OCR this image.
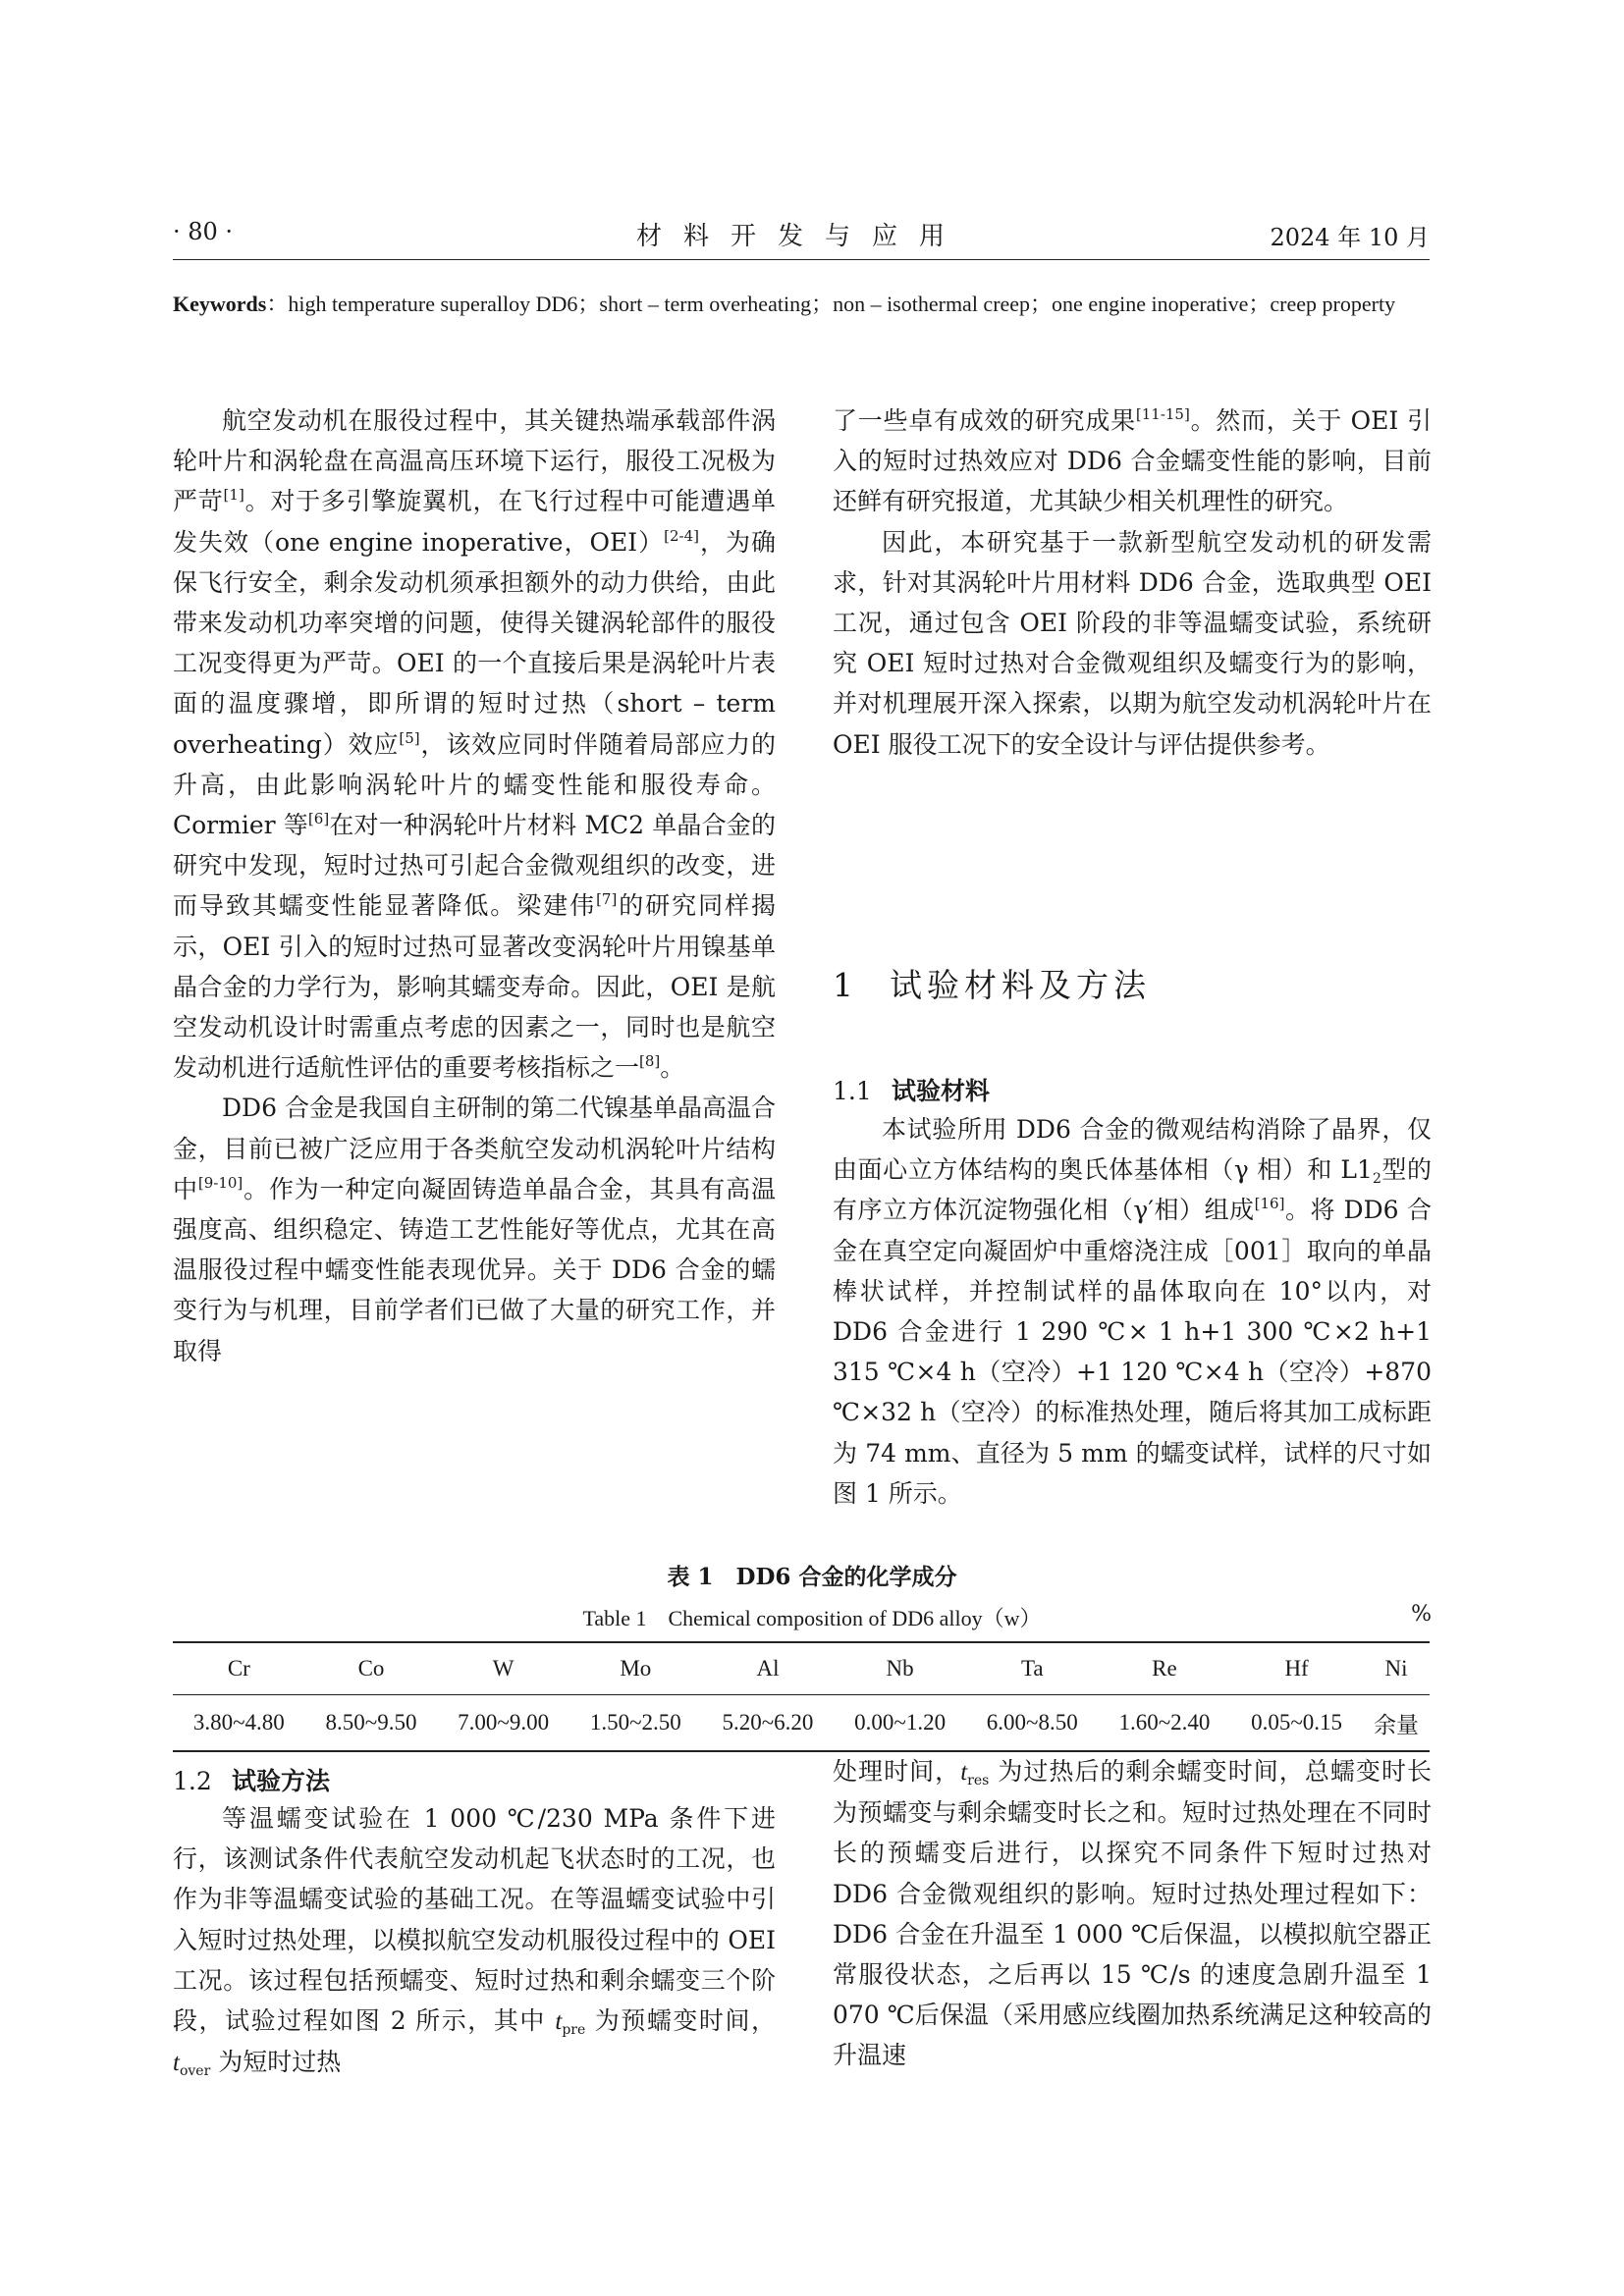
· 80 ·	材料开发与应用	2024 年 10 月
Keywords：high temperature superalloy DD6；short – term overheating；non – isothermal creep；one engine inoperative；creep property

航空发动机在服役过程中，其关键热端承载部件涡轮叶片和涡轮盘在高温高压环境下运行，服役工况极为严苛[1]。对于多引擎旋翼机，在飞行过程中可能遭遇单发失效（one engine inoperative，OEI）[2-4]，为确保飞行安全，剩余发动机须承担额外的动力供给，由此带来发动机功率突增的问题，使得关键涡轮部件的服役工况变得更为严苛。OEI 的一个直接后果是涡轮叶片表面的温度骤增，即所谓的短时过热（short – term overheating）效应[5]，该效应同时伴随着局部应力的升高，由此影响涡轮叶片的蠕变性能和服役寿命。Cormier 等[6]在对一种涡轮叶片材料 MC2 单晶合金的研究中发现，短时过热可引起合金微观组织的改变，进而导致其蠕变性能显著降低。梁建伟[7]的研究同样揭示，OEI 引入的短时过热可显著改变涡轮叶片用镍基单晶合金的力学行为，影响其蠕变寿命。因此，OEI 是航空发动机设计时需重点考虑的因素之一，同时也是航空发动机进行适航性评估的重要考核指标之一[8]。

DD6 合金是我国自主研制的第二代镍基单晶高温合金，目前已被广泛应用于各类航空发动机涡轮叶片结构中[9-10]。作为一种定向凝固铸造单晶合金，其具有高温强度高、组织稳定、铸造工艺性能好等优点，尤其在高温服役过程中蠕变性能表现优异。关于 DD6 合金的蠕变行为与机理，目前学者们已做了大量的研究工作，并取得

了一些卓有成效的研究成果[11-15]。然而，关于 OEI 引入的短时过热效应对 DD6 合金蠕变性能的影响，目前还鲜有研究报道，尤其缺少相关机理性的研究。

因此，本研究基于一款新型航空发动机的研发需求，针对其涡轮叶片用材料 DD6 合金，选取典型 OEI 工况，通过包含 OEI 阶段的非等温蠕变试验，系统研究 OEI 短时过热对合金微观组织及蠕变行为的影响，并对机理展开深入探索，以期为航空发动机涡轮叶片在 OEI 服役工况下的安全设计与评估提供参考。

1 试验材料及方法
1.1 试验材料

本试验所用 DD6 合金的微观结构消除了晶界，仅由面心立方体结构的奥氏体基体相（γ 相）和 $L1_2$型的有序立方体沉淀物强化相（γ′相）组成[16]。将 DD6 合金在真空定向凝固炉中重熔浇注成［001］取向的单晶棒状试样，并控制试样的晶体取向在 10°以内，对 DD6 合金进行 1 290 ℃× 1 h+1 300 ℃×2 h+1 315 ℃×4 h（空冷）+1 120 ℃×4 h（空冷）+870 ℃×32 h（空冷）的标准热处理，随后将其加工成标距为 74 mm、直径为 5 mm 的蠕变试样，试样的尺寸如图 1 所示。

表 1　DD6 合金的化学成分
Table 1　Chemical composition of DD6 alloy（w）	%
Cr	Co	W	Mo	Al	Nb	Ta	Re	Hf	Ni
3.80~4.80	8.50~9.50	7.00~9.00	1.50~2.50	5.20~6.20	0.00~1.20	6.00~8.50	1.60~2.40	0.05~0.15	余量
1.2 试验方法

等温蠕变试验在 1 000 ℃/230 MPa 条件下进行，该测试条件代表航空发动机起飞状态时的工况，也作为非等温蠕变试验的基础工况。在等温蠕变试验中引入短时过热处理，以模拟航空发动机服役过程中的 OEI 工况。该过程包括预蠕变、短时过热和剩余蠕变三个阶段，试验过程如图 2 所示，其中 $t_{pre}$ 为预蠕变时间，$t_{over}$ 为短时过热

处理时间，$t_{res}$ 为过热后的剩余蠕变时间，总蠕变时长为预蠕变与剩余蠕变时长之和。短时过热处理在不同时长的预蠕变后进行，以探究不同条件下短时过热对 DD6 合金微观组织的影响。短时过热处理过程如下：DD6 合金在升温至 1 000 ℃后保温，以模拟航空器正常服役状态，之后再以 15 ℃/s 的速度急剧升温至 1 070 ℃后保温（采用感应线圈加热系统满足这种较高的升温速
